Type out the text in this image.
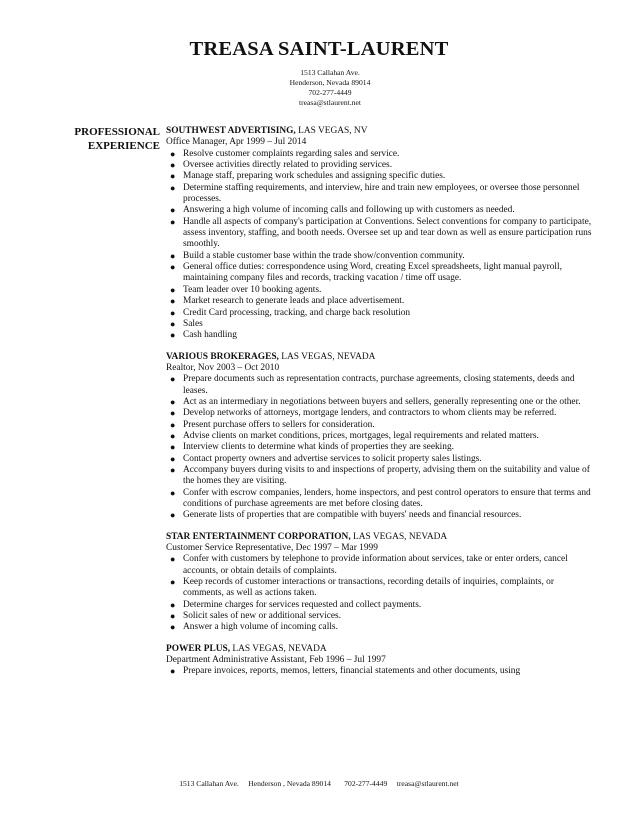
TREASA SAINT-LAURENT
1513 Callahan Ave.
Henderson, Nevada 89014
702-277-4449
treasa@stlaurent.net
PROFESSIONAL
EXPERIENCE
SOUTHWEST ADVERTISING, LAS VEGAS, NV
Office Manager, Apr 1999 – Jul 2014
● Resolve customer complaints regarding sales and service.
● Oversee activities directly related to providing services.
● Manage staff, preparing work schedules and assigning specific duties.
● Determine staffing requirements, and interview, hire and train new employees, or oversee those personnel processes.
● Answering a high volume of incoming calls and following up with customers as needed.
● Handle all aspects of company's participation at Conventions. Select conventions for company to participate, assess inventory, staffing, and booth needs. Oversee set up and tear down as well as ensure participation runs smoothly.
● Build a stable customer base within the trade show/convention community.
● General office duties: correspondence using Word, creating Excel spreadsheets, light manual payroll, maintaining company files and records, tracking vacation / time off usage.
● Team leader over 10 booking agents.
● Market research to generate leads and place advertisement.
● Credit Card processing, tracking, and charge back resolution
● Sales
● Cash handling
VARIOUS BROKERAGES, LAS VEGAS, NEVADA
Realtor, Nov 2003 – Oct 2010
● Prepare documents such as representation contracts, purchase agreements, closing statements, deeds and leases.
● Act as an intermediary in negotiations between buyers and sellers, generally representing one or the other.
● Develop networks of attorneys, mortgage lenders, and contractors to whom clients may be referred.
● Present purchase offers to sellers for consideration.
● Advise clients on market conditions, prices, mortgages, legal requirements and related matters.
● Interview clients to determine what kinds of properties they are seeking.
● Contact property owners and advertise services to solicit property sales listings.
● Accompany buyers during visits to and inspections of property, advising them on the suitability and value of the homes they are visiting.
● Confer with escrow companies, lenders, home inspectors, and pest control operators to ensure that terms and conditions of purchase agreements are met before closing dates.
● Generate lists of properties that are compatible with buyers' needs and financial resources.
STAR ENTERTAINMENT CORPORATION, LAS VEGAS, NEVADA
Customer Service Representative, Dec 1997 – Mar 1999
● Confer with customers by telephone to provide information about services, take or enter orders, cancel accounts, or obtain details of complaints.
● Keep records of customer interactions or transactions, recording details of inquiries, complaints, or comments, as well as actions taken.
● Determine charges for services requested and collect payments.
● Solicit sales of new or additional services.
● Answer a high volume of incoming calls.
POWER PLUS, LAS VEGAS, NEVADA
Department Administrative Assistant, Feb 1996 – Jul 1997
● Prepare invoices, reports, memos, letters, financial statements and other documents, using
1513 Callahan Ave. Henderson , Nevada 89014 702-277-4449 treasa@stlaurent.net
